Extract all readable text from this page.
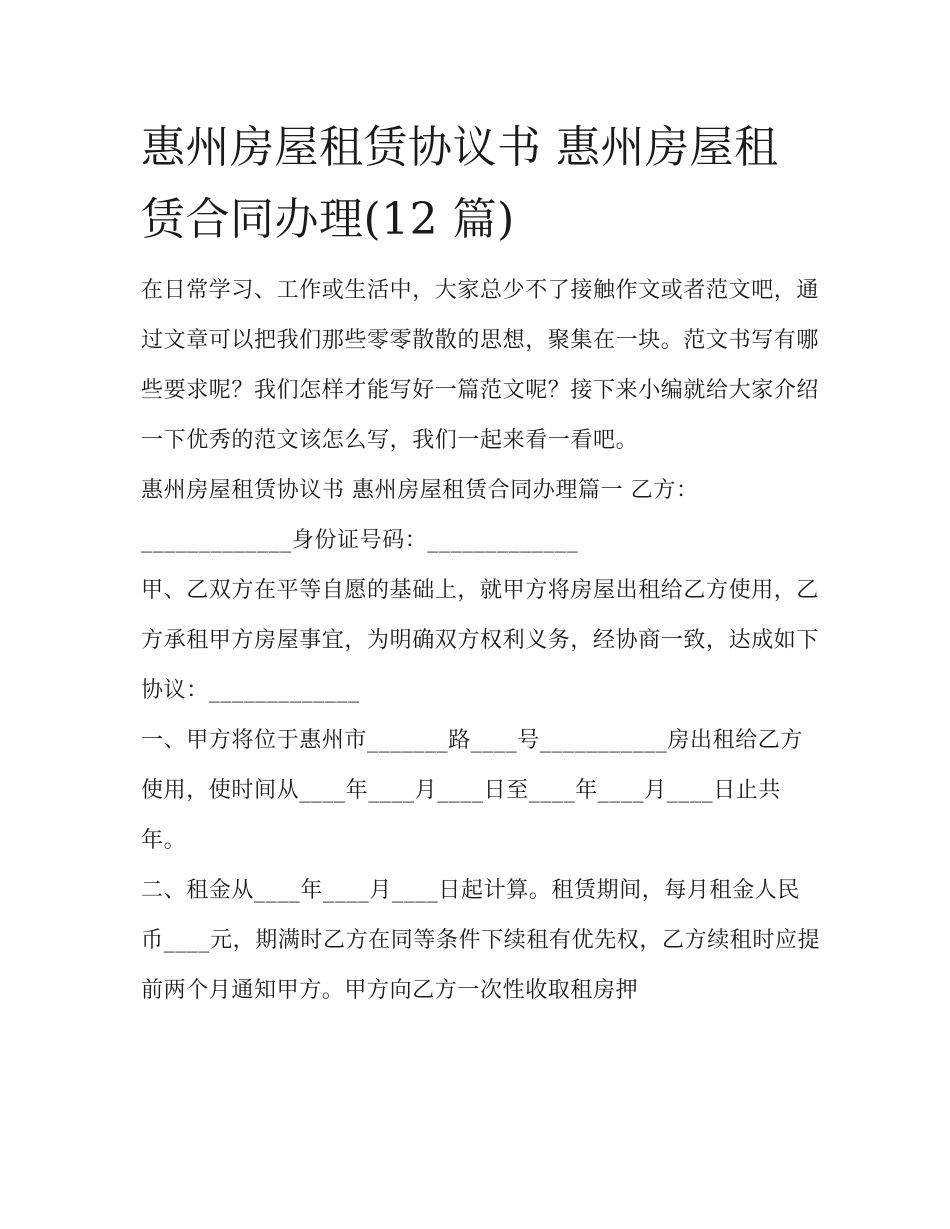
惠州房屋租赁协议书 惠州房屋租赁合同办理(12 篇)

在日常学习、工作或生活中，大家总少不了接触作文或者范文吧，通过文章可以把我们那些零零散散的思想，聚集在一块。范文书写有哪些要求呢？我们怎样才能写好一篇范文呢？接下来小编就给大家介绍一下优秀的范文该怎么写，我们一起来看一看吧。

惠州房屋租赁协议书 惠州房屋租赁合同办理篇一 乙方：

_____________身份证号码：_____________

甲、乙双方在平等自愿的基础上，就甲方将房屋出租给乙方使用，乙方承租甲方房屋事宜，为明确双方权利义务，经协商一致，达成如下协议：_____________

一、甲方将位于惠州市_______路____号___________房出租给乙方使用，使时间从____年____月____日至____年____月____日止共年。

二、租金从____年____月____日起计算。租赁期间，每月租金人民币____元，期满时乙方在同等条件下续租有优先权，乙方续租时应提前两个月通知甲方。甲方向乙方一次性收取租房押
